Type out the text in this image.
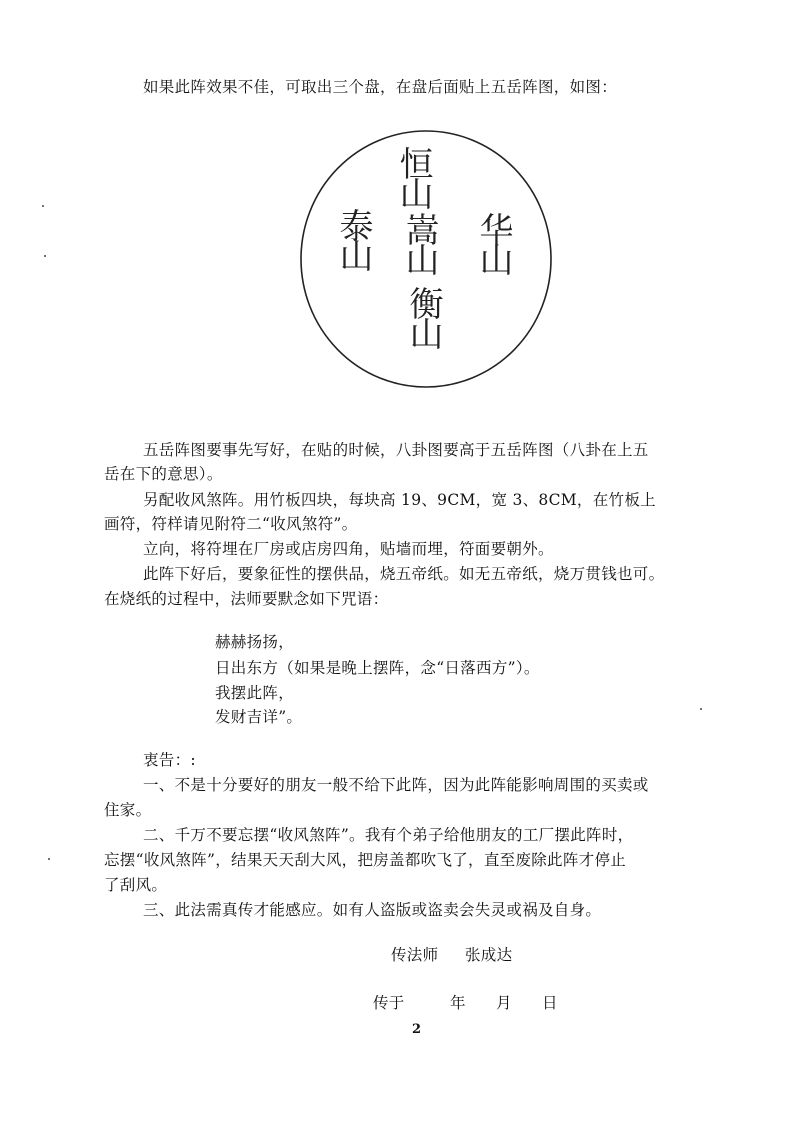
如果此阵效果不佳，可取出三个盘，在盘后面贴上五岳阵图，如图：
恒山
嵩山
衡山
泰山	华山
五岳阵图要事先写好，在贴的时候，八卦图要高于五岳阵图（八卦在上五
岳在下的意思）。
另配收风煞阵。用竹板四块，每块高 19、9CM，宽 3、8CM，在竹板上
画符，符样请见附符二“收风煞符”。
立向，将符埋在厂房或店房四角，贴墙而埋，符面要朝外。
此阵下好后，要象征性的摆供品，烧五帝纸。如无五帝纸，烧万贯钱也可。
在烧纸的过程中，法师要默念如下咒语：
赫赫扬扬，
日出东方（如果是晚上摆阵，念“日落西方”）。
我摆此阵，
发财吉详”。
衷告：:
一、不是十分要好的朋友一般不给下此阵，因为此阵能影响周围的买卖或
住家。
二、千万不要忘摆“收风煞阵”。我有个弟子给他朋友的工厂摆此阵时，
忘摆“收风煞阵”，结果天天刮大风，把房盖都吹飞了，直至废除此阵才停止
了刮风。
三、此法需真传才能感应。如有人盗版或盗卖会失灵或祸及自身。
传法师 张成达
传于	年 月 日
2
